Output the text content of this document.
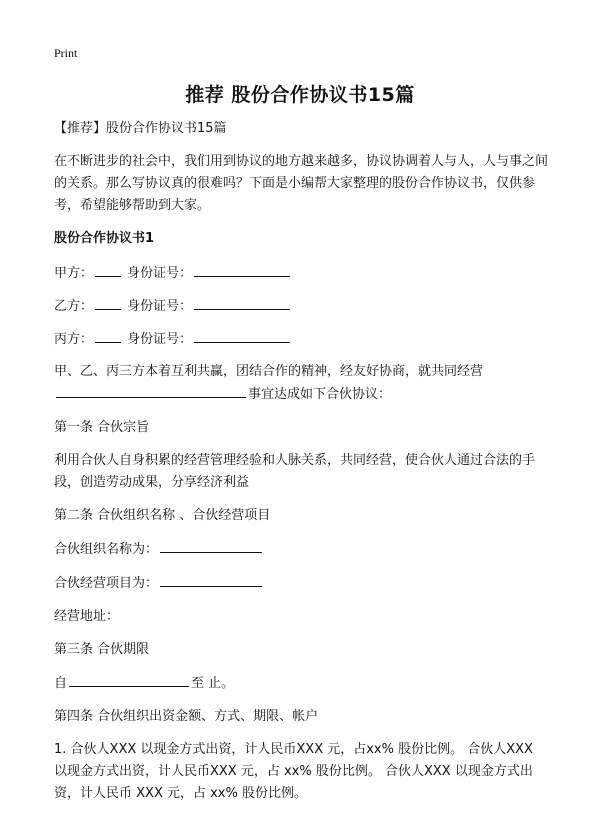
Print
推荐 股份合作协议书15篇

【推荐】股份合作协议书15篇

在不断进步的社会中，我们用到协议的地方越来越多，协议协调着人与人，人与事之间的关系。那么写协议真的很难吗？下面是小编帮大家整理的股份合作协议书，仅供参考，希望能够帮助到大家。

股份合作协议书1

甲方：	身份证号：
乙方：	身份证号：
丙方：	身份证号：

甲、乙、丙三方本着互利共赢，团结合作的精神，经友好协商，就共同经营
事宜达成如下合伙协议：

第一条 合伙宗旨

利用合伙人自身积累的经营管理经验和人脉关系，共同经营，使合伙人通过合法的手段，创造劳动成果，分享经济利益

第二条 合伙组织名称 、合伙经营项目

合伙组织名称为：

合伙经营项目为：

经营地址：

第三条 合伙期限

自	至 止。

第四条 合伙组织出资金额、方式、期限、帐户

1. 合伙人XXX 以现金方式出资，计人民币XXX 元，占xx% 股份比例。 合伙人XXX 以现金方式出资，计人民币XXX 元，占 xx% 股份比例。 合伙人XXX 以现金方式出资，计人民币 XXX 元，占 xx% 股份比例。
